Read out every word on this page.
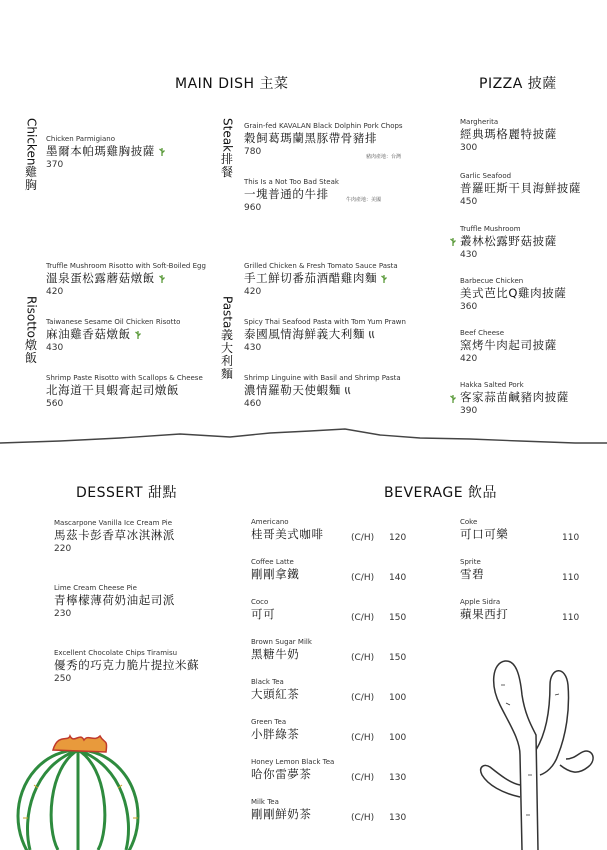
MAIN DISH 主菜	PIZZA 披薩
DESSERT 甜點	BEVERAGE 飲品
Chicken
雞胸
Steak
排餐
Risotto
燉飯
Pasta
義大利麵
Chicken Parmigiano
墨爾本帕瑪雞胸披薩
370
Grain-fed KAVALAN Black Dolphin Pork Chops
穀飼葛瑪蘭黑豚帶骨豬排
780	豬肉產地：台灣
This Is a Not Too Bad Steak
一塊普通的牛排
960
牛肉產地：美國
Truffle Mushroom Risotto with Soft-Boiled Egg
溫泉蛋松露蘑菇燉飯
420
Taiwanese Sesame Oil Chicken Risotto
麻油雞香菇燉飯
430
Shrimp Paste Risotto with Scallops & Cheese
北海道干貝蝦膏起司燉飯
560
Grilled Chicken & Fresh Tomato Sauce Pasta
手工鮮切番茄酒醋雞肉麵
420
Spicy Thai Seafood Pasta with Tom Yum Prawn
泰國風情海鮮義大利麵
430
Shrimp Linguine with Basil and Shrimp Pasta
濃情羅勒天使蝦麵
460
Margherita
經典瑪格麗特披薩
300
Garlic Seafood
普羅旺斯干貝海鮮披薩
450
Truffle Mushroom
叢林松露野菇披薩
430
Barbecue Chicken
美式芭比Q雞肉披薩
360
Beef Cheese
窯烤牛肉起司披薩
420
Hakka Salted Pork
客家蒜苗鹹豬肉披薩
390
Mascarpone Vanilla Ice Cream Pie
馬茲卡彭香草冰淇淋派
220
Lime Cream Cheese Pie
青檸檬薄荷奶油起司派
230
Excellent Chocolate Chips Tiramisu
優秀的巧克力脆片提拉米蘇
250
Americano
桂哥美式咖啡	(C/H) 120
Coffee Latte
剛剛拿鐵	(C/H) 140
Coco
可可	(C/H) 150
Brown Sugar Milk
黑糖牛奶	(C/H) 150
Black Tea
大頭紅茶	(C/H) 100
Green Tea
小胖綠茶	(C/H) 100
Honey Lemon Black Tea
哈你雷夢茶	(C/H) 130
Milk Tea
剛剛鮮奶茶	(C/H) 130
Coke
可口可樂	110
Sprite
雪碧	110
Apple Sidra
蘋果西打	110
